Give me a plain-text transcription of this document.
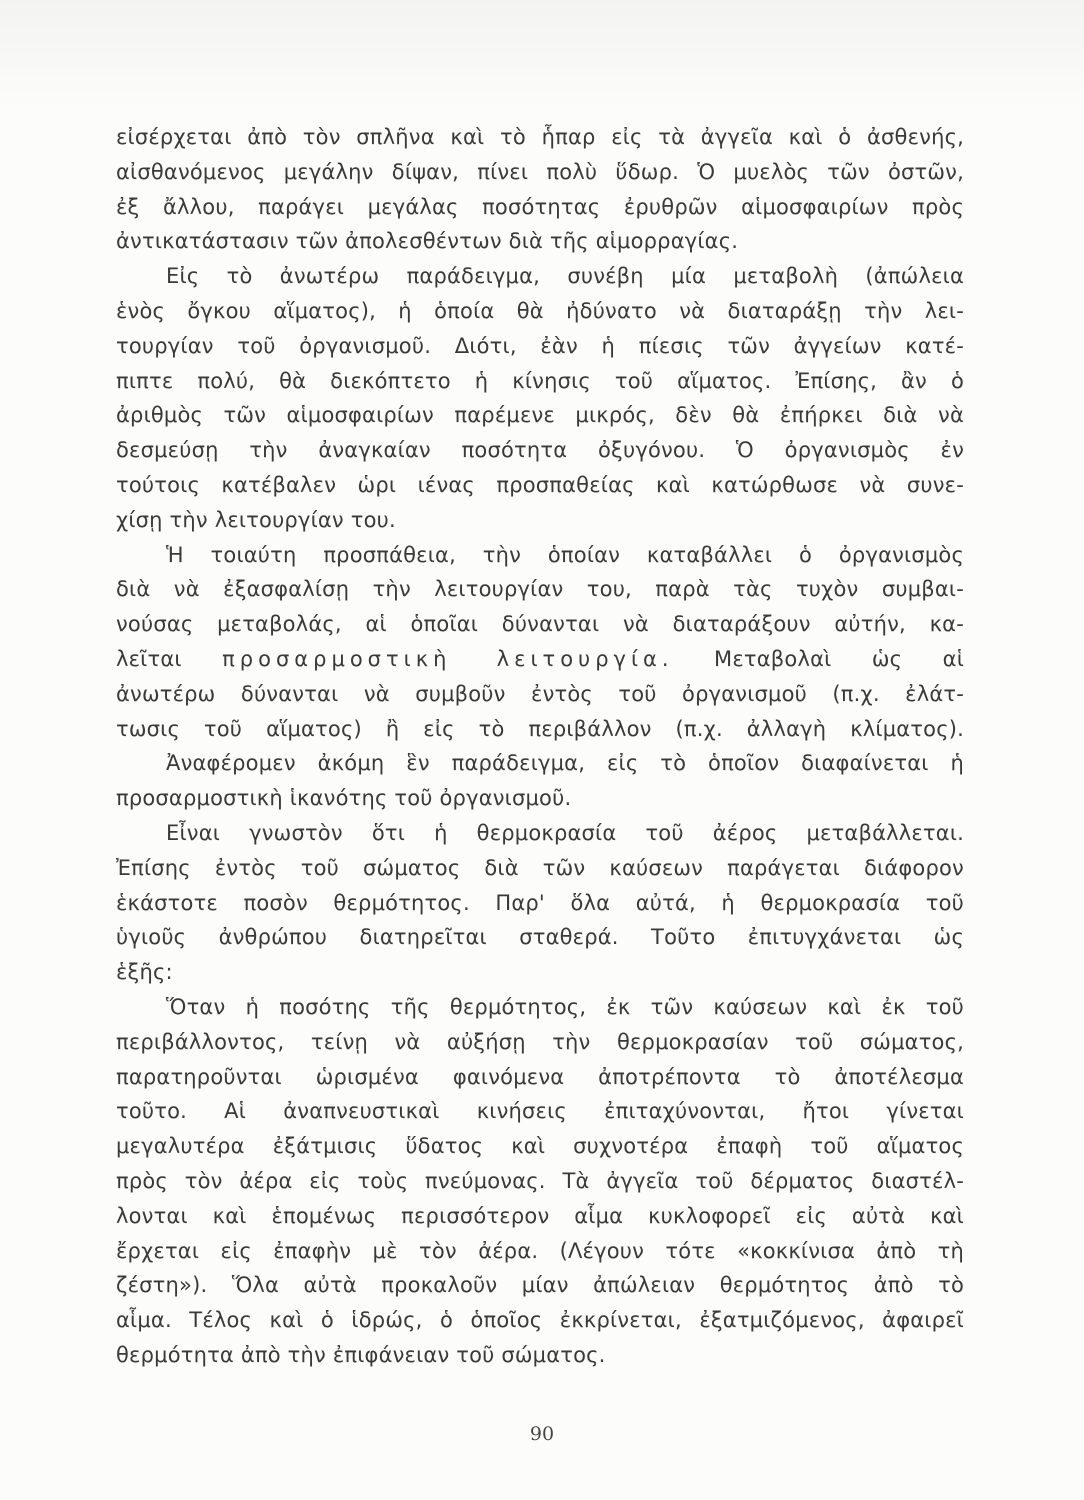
εἰσέρχεται ἀπὸ τὸν σπλῆνα καὶ τὸ ἧπαρ εἰς τὰ ἀγγεῖα καὶ ὁ ἀσθενής,
αἰσθανόμενος μεγάλην δίψαν, πίνει πολὺ ὕδωρ. Ὁ μυελὸς τῶν ὀστῶν,
ἐξ ἄλλου, παράγει μεγάλας ποσότητας ἐρυθρῶν αἱμοσφαιρίων πρὸς
ἀντικατάστασιν τῶν ἀπολεσθέντων διὰ τῆς αἱμορραγίας.
Εἰς τὸ ἀνωτέρω παράδειγμα, συνέβη μία μεταβολὴ (ἀπώλεια
ἑνὸς ὄγκου αἵματος), ἡ ὁποία θὰ ἠδύνατο νὰ διαταράξῃ τὴν λει-
τουργίαν τοῦ ὀργανισμοῦ. Διότι, ἐὰν ἡ πίεσις τῶν ἀγγείων κατέ-
πιπτε πολύ, θὰ διεκόπτετο ἡ κίνησις τοῦ αἵματος. Ἐπίσης, ἂν ὁ
ἀριθμὸς τῶν αἱμοσφαιρίων παρέμενε μικρός, δὲν θὰ ἐπήρκει διὰ νὰ
δεσμεύσῃ τὴν ἀναγκαίαν ποσότητα ὀξυγόνου. Ὁ ὀργανισμὸς ἐν
τούτοις κατέβαλεν ὡρι ιένας προσπαθείας καὶ κατώρθωσε νὰ συνε-
χίσῃ τὴν λειτουργίαν του.
Ἡ τοιαύτη προσπάθεια, τὴν ὁποίαν καταβάλλει ὁ ὀργανισμὸς
διὰ νὰ ἐξασφαλίσῃ τὴν λειτουργίαν του, παρὰ τὰς τυχὸν συμβαι-
νούσας μεταβολάς, αἱ ὁποῖαι δύνανται νὰ διαταράξουν αὐτήν, κα-
λεῖται προσαρμοστικὴ λειτουργία. Μεταβολαὶ ὡς αἱ
ἀνωτέρω δύνανται νὰ συμβοῦν ἐντὸς τοῦ ὀργανισμοῦ (π.χ. ἐλάτ-
τωσις τοῦ αἵματος) ἢ εἰς τὸ περιβάλλον (π.χ. ἀλλαγὴ κλίματος).
Ἀναφέρομεν ἀκόμη ἓν παράδειγμα, εἰς τὸ ὁποῖον διαφαίνεται ἡ
προσαρμοστικὴ ἱκανότης τοῦ ὀργανισμοῦ.
Εἶναι γνωστὸν ὅτι ἡ θερμοκρασία τοῦ ἀέρος μεταβάλλεται.
Ἐπίσης ἐντὸς τοῦ σώματος διὰ τῶν καύσεων παράγεται διάφορον
ἑκάστοτε ποσὸν θερμότητος. Παρ' ὅλα αὐτά, ἡ θερμοκρασία τοῦ
ὑγιοῦς ἀνθρώπου διατηρεῖται σταθερά. Τοῦτο ἐπιτυγχάνεται ὡς
ἑξῆς:
Ὅταν ἡ ποσότης τῆς θερμότητος, ἐκ τῶν καύσεων καὶ ἐκ τοῦ
περιβάλλοντος, τείνῃ νὰ αὐξήσῃ τὴν θερμοκρασίαν τοῦ σώματος,
παρατηροῦνται ὡρισμένα φαινόμενα ἀποτρέποντα τὸ ἀποτέλεσμα
τοῦτο. Αἱ ἀναπνευστικαὶ κινήσεις ἐπιταχύνονται, ἤτοι γίνεται
μεγαλυτέρα ἐξάτμισις ὕδατος καὶ συχνοτέρα ἐπαφὴ τοῦ αἵματος
πρὸς τὸν ἀέρα εἰς τοὺς πνεύμονας. Τὰ ἀγγεῖα τοῦ δέρματος διαστέλ-
λονται καὶ ἑπομένως περισσότερον αἷμα κυκλοφορεῖ εἰς αὐτὰ καὶ
ἔρχεται εἰς ἐπαφὴν μὲ τὸν ἀέρα. (Λέγουν τότε «κοκκίνισα ἀπὸ τὴ
ζέστη»). Ὅλα αὐτὰ προκαλοῦν μίαν ἀπώλειαν θερμότητος ἀπὸ τὸ
αἷμα. Τέλος καὶ ὁ ἱδρώς, ὁ ὁποῖος ἐκκρίνεται, ἐξατμιζόμενος, ἀφαιρεῖ
θερμότητα ἀπὸ τὴν ἐπιφάνειαν τοῦ σώματος.
90
